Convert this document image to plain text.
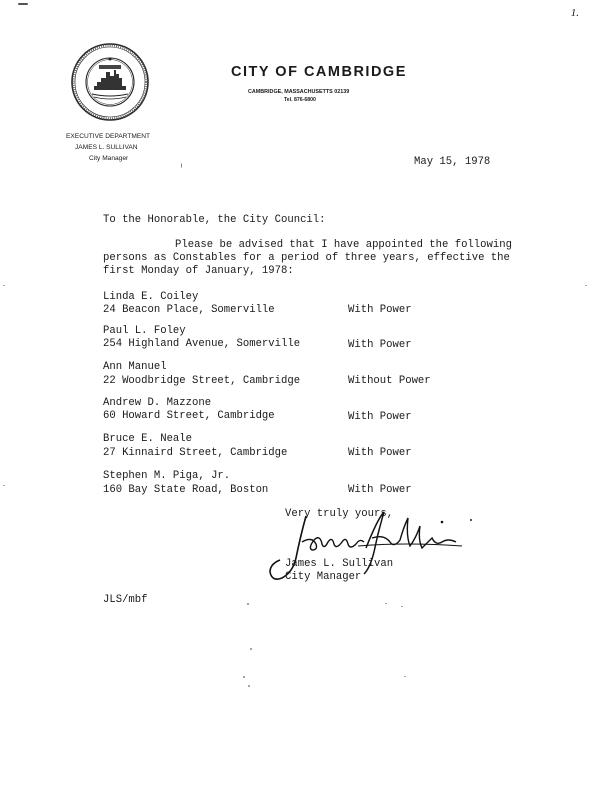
1.
CITY OF CAMBRIDGE
CAMBRIDGE, MASSACHUSETTS 02139
Tel. 876-6800
EXECUTIVE DEPARTMENT
JAMES L. SULLIVAN
City Manager	May 15, 1978
To the Honorable, the City Council:
Please be advised that I have appointed the following
persons as Constables for a period of three years, effective the
first Monday of January, 1978:
Linda E. Coiley
24 Beacon Place, Somerville	With Power
Paul L. Foley
254 Highland Avenue, Somerville	With Power
Ann Manuel
22 Woodbridge Street, Cambridge	Without Power
Andrew D. Mazzone
60 Howard Street, Cambridge	With Power
Bruce E. Neale
27 Kinnaird Street, Cambridge	With Power
Stephen M. Piga, Jr.
160 Bay State Road, Boston	With Power
Very truly yours,
James L. Sullivan
City Manager
JLS/mbf
